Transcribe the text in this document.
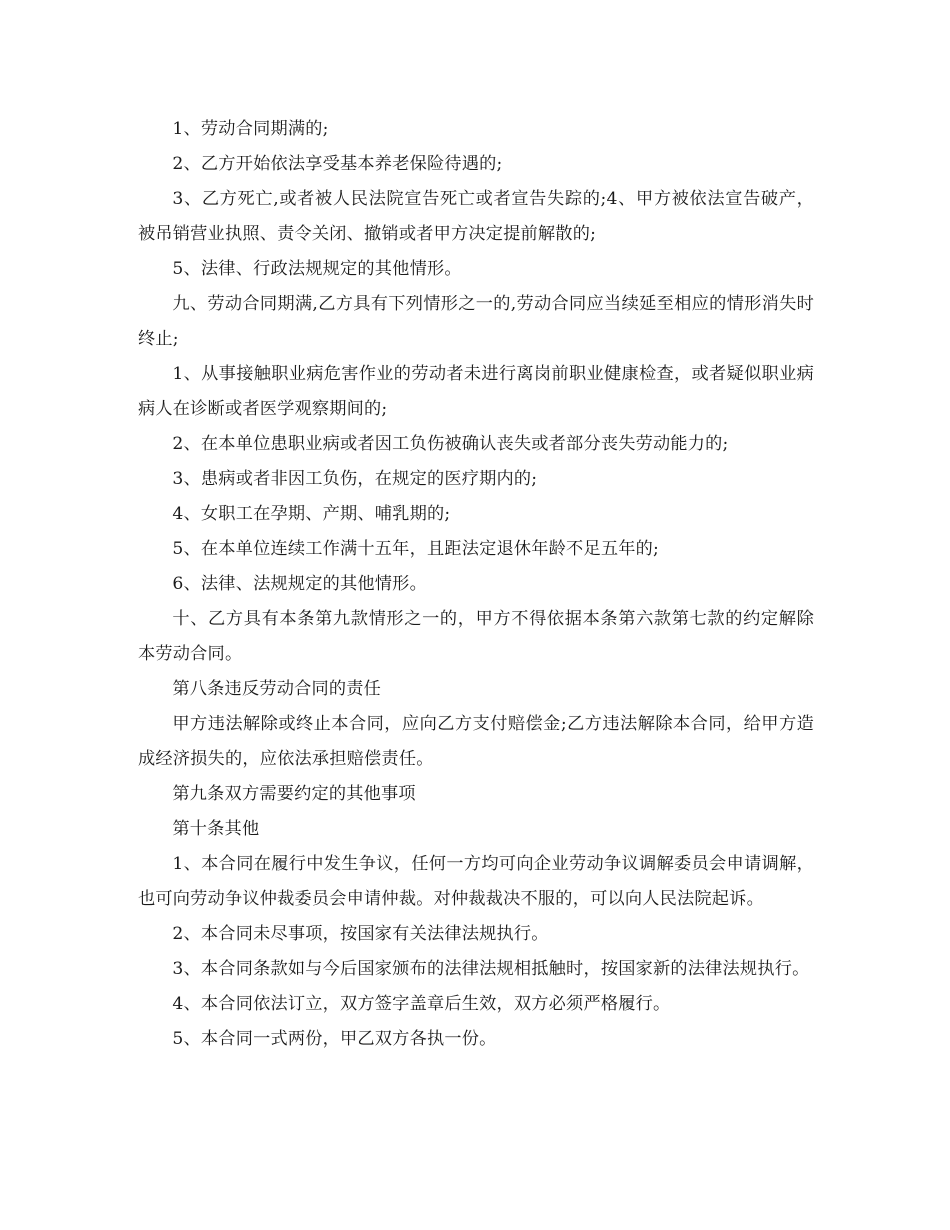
1、劳动合同期满的;

2、乙方开始依法享受基本养老保险待遇的;

3、乙方死亡,或者被人民法院宣告死亡或者宣告失踪的;4、甲方被依法宣告破产，被吊销营业执照、责令关闭、撤销或者甲方决定提前解散的;

5、法律、行政法规规定的其他情形。

九、劳动合同期满,乙方具有下列情形之一的,劳动合同应当续延至相应的情形消失时终止;

1、从事接触职业病危害作业的劳动者未进行离岗前职业健康检查，或者疑似职业病病人在诊断或者医学观察期间的;

2、在本单位患职业病或者因工负伤被确认丧失或者部分丧失劳动能力的;

3、患病或者非因工负伤，在规定的医疗期内的;

4、女职工在孕期、产期、哺乳期的;

5、在本单位连续工作满十五年，且距法定退休年龄不足五年的;

6、法律、法规规定的其他情形。

十、乙方具有本条第九款情形之一的，甲方不得依据本条第六款第七款的约定解除本劳动合同。

第八条违反劳动合同的责任

甲方违法解除或终止本合同，应向乙方支付赔偿金;乙方违法解除本合同，给甲方造成经济损失的，应依法承担赔偿责任。

第九条双方需要约定的其他事项

第十条其他

1、本合同在履行中发生争议，任何一方均可向企业劳动争议调解委员会申请调解，也可向劳动争议仲裁委员会申请仲裁。对仲裁裁决不服的，可以向人民法院起诉。

2、本合同未尽事项，按国家有关法律法规执行。

3、本合同条款如与今后国家颁布的法律法规相抵触时，按国家新的法律法规执行。

4、本合同依法订立，双方签字盖章后生效，双方必须严格履行。

5、本合同一式两份，甲乙双方各执一份。
